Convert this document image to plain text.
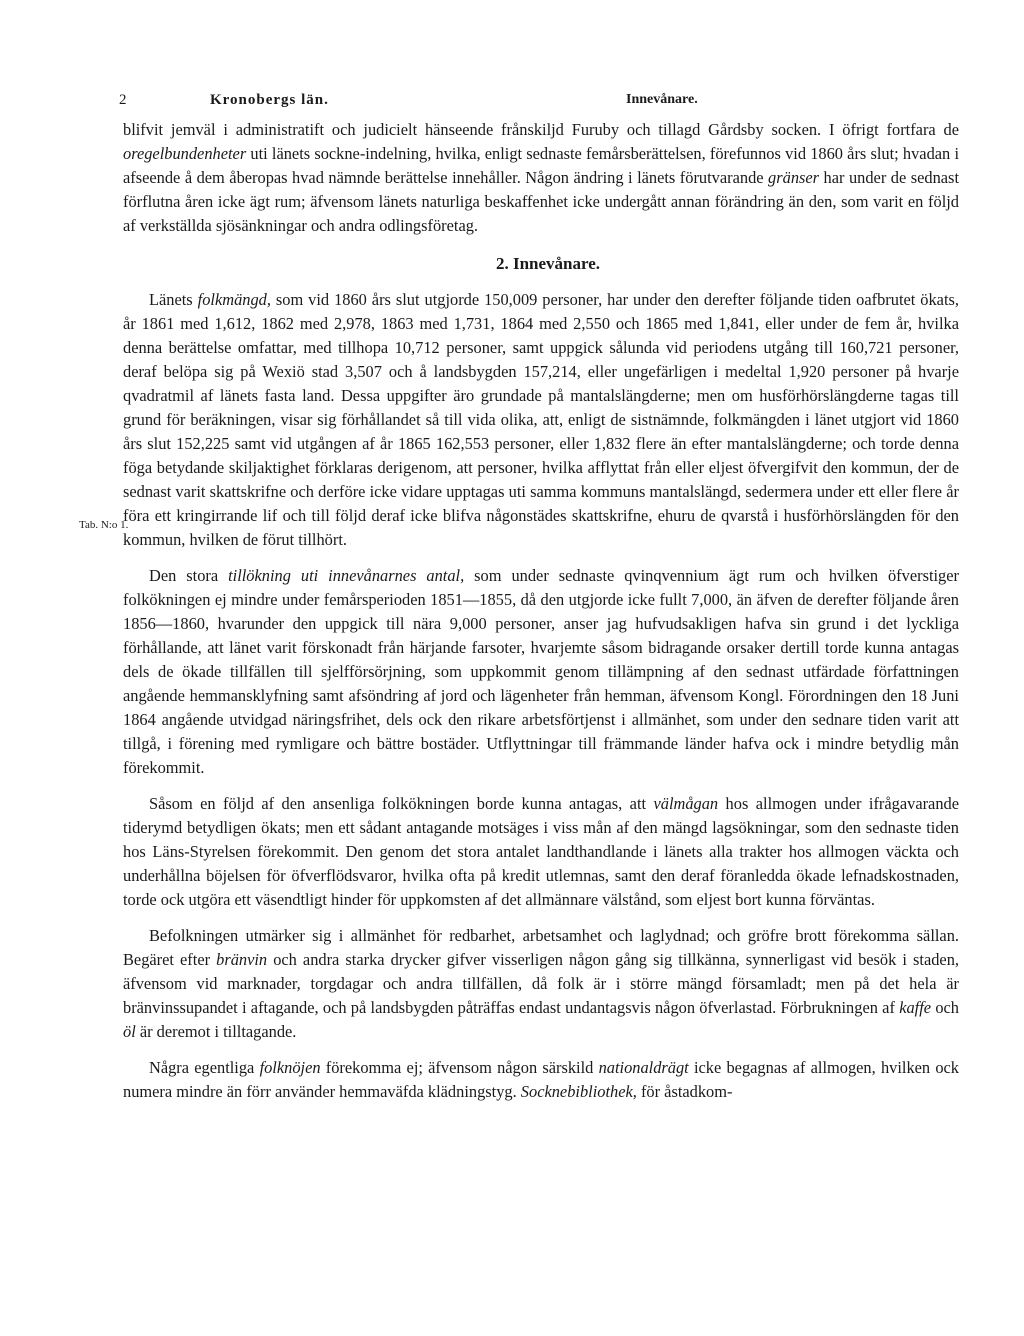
2	Kronobergs län.	Innevånare.
Tab. N:o 1.

blifvit jemväl i administratift och judicielt hänseende frånskiljd Furuby och tillagd Gårdsby socken. I öfrigt fortfara de oregelbundenheter uti länets sockne-indelning, hvilka, enligt sednaste femårsberättelsen, förefunnos vid 1860 års slut; hvadan i afseende å dem åberopas hvad nämnde berättelse innehåller. Någon ändring i länets förutvarande gränser har under de sednast förflutna åren icke ägt rum; äfvensom länets naturliga beskaffenhet icke undergått annan förändring än den, som varit en följd af verkställda sjösänkningar och andra odlingsföretag.

2. Innevånare.

Länets folkmängd, som vid 1860 års slut utgjorde 150,009 personer, har under den derefter följande tiden oafbrutet ökats, år 1861 med 1,612, 1862 med 2,978, 1863 med 1,731, 1864 med 2,550 och 1865 med 1,841, eller under de fem år, hvilka denna berättelse omfattar, med tillhopa 10,712 personer, samt uppgick sålunda vid periodens utgång till 160,721 personer, deraf belöpa sig på Wexiö stad 3,507 och å landsbygden 157,214, eller ungefärligen i medeltal 1,920 personer på hvarje qvadratmil af länets fasta land. Dessa uppgifter äro grundade på mantalslängderne; men om husförhörslängderne tagas till grund för beräkningen, visar sig förhållandet så till vida olika, att, enligt de sistnämnde, folkmängden i länet utgjort vid 1860 års slut 152,225 samt vid utgången af år 1865 162,553 personer, eller 1,832 flere än efter mantalslängderne; och torde denna föga betydande skiljaktighet förklaras derigenom, att personer, hvilka afflyttat från eller eljest öfvergifvit den kommun, der de sednast varit skattskrifne och derföre icke vidare upptagas uti samma kommuns mantalslängd, sedermera under ett eller flere år föra ett kringirrande lif och till följd deraf icke blifva någonstädes skattskrifne, ehuru de qvarstå i husförhörslängden för den kommun, hvilken de förut tillhört.

Den stora tillökning uti innevånarnes antal, som under sednaste qvinqvennium ägt rum och hvilken öfverstiger folkökningen ej mindre under femårsperioden 1851—1855, då den utgjorde icke fullt 7,000, än äfven de derefter följande åren 1856—1860, hvarunder den uppgick till nära 9,000 personer, anser jag hufvudsakligen hafva sin grund i det lyckliga förhållande, att länet varit förskonadt från härjande farsoter, hvarjemte såsom bidragande orsaker dertill torde kunna antagas dels de ökade tillfällen till sjelfförsörjning, som uppkommit genom tillämpning af den sednast utfärdade författningen angående hemmansklyfning samt afsöndring af jord och lägenheter från hemman, äfvensom Kongl. Förordningen den 18 Juni 1864 angående utvidgad näringsfrihet, dels ock den rikare arbetsförtjenst i allmänhet, som under den sednare tiden varit att tillgå, i förening med rymligare och bättre bostäder. Utflyttningar till främmande länder hafva ock i mindre betydlig mån förekommit.

Såsom en följd af den ansenliga folkökningen borde kunna antagas, att välmågan hos allmogen under ifrågavarande tiderymd betydligen ökats; men ett sådant antagande motsäges i viss mån af den mängd lagsökningar, som den sednaste tiden hos Läns-Styrelsen förekommit. Den genom det stora antalet landthandlande i länets alla trakter hos allmogen väckta och underhållna böjelsen för öfverflödsvaror, hvilka ofta på kredit utlemnas, samt den deraf föranledda ökade lefnadskostnaden, torde ock utgöra ett väsendtligt hinder för uppkomsten af det allmännare välstånd, som eljest bort kunna förväntas.

Befolkningen utmärker sig i allmänhet för redbarhet, arbetsamhet och laglydnad; och gröfre brott förekomma sällan. Begäret efter bränvin och andra starka drycker gifver visserligen någon gång sig tillkänna, synnerligast vid besök i staden, äfvensom vid marknader, torgdagar och andra tillfällen, då folk är i större mängd församladt; men på det hela är bränvinssupandet i aftagande, och på landsbygden påträffas endast undantagsvis någon öfverlastad. Förbrukningen af kaffe och öl är deremot i tilltagande.

Några egentliga folknöjen förekomma ej; äfvensom någon särskild nationaldrägt icke begagnas af allmogen, hvilken ock numera mindre än förr använder hemmaväfda klädningstyg. Socknebibliothek, för åstadkom-
